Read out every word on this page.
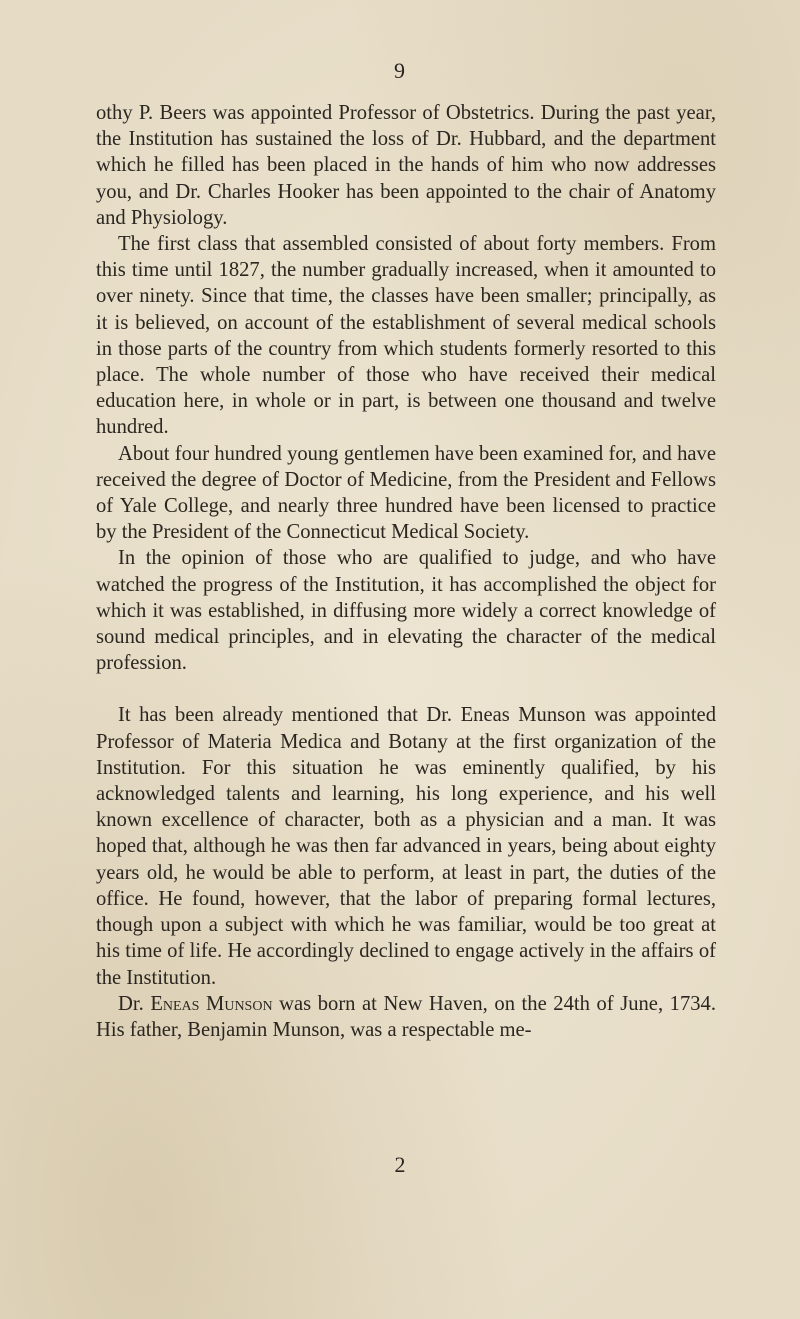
9

othy P. Beers was appointed Professor of Obstetrics. During the past year, the Institution has sustained the loss of Dr. Hubbard, and the department which he filled has been placed in the hands of him who now addresses you, and Dr. Charles Hooker has been appointed to the chair of Anatomy and Physiology.

The first class that assembled consisted of about forty members. From this time until 1827, the number gradually increased, when it amounted to over ninety. Since that time, the classes have been smaller; principally, as it is believed, on account of the establishment of several medical schools in those parts of the country from which students formerly resorted to this place. The whole number of those who have received their medical education here, in whole or in part, is between one thousand and twelve hundred.

About four hundred young gentlemen have been examined for, and have received the degree of Doctor of Medicine, from the President and Fellows of Yale College, and nearly three hundred have been licensed to practice by the President of the Connecticut Medical Society.

In the opinion of those who are qualified to judge, and who have watched the progress of the Institution, it has accomplished the object for which it was established, in diffusing more widely a correct knowledge of sound medical principles, and in elevating the character of the medical profession.

It has been already mentioned that Dr. Eneas Munson was appointed Professor of Materia Medica and Botany at the first organization of the Institution. For this situation he was eminently qualified, by his acknowledged talents and learning, his long experience, and his well known excellence of character, both as a physician and a man. It was hoped that, although he was then far advanced in years, being about eighty years old, he would be able to perform, at least in part, the duties of the office. He found, however, that the labor of preparing formal lectures, though upon a subject with which he was familiar, would be too great at his time of life. He accordingly declined to engage actively in the affairs of the Institution.

Dr. Eneas Munson was born at New Haven, on the 24th of June, 1734. His father, Benjamin Munson, was a respectable me-

2
